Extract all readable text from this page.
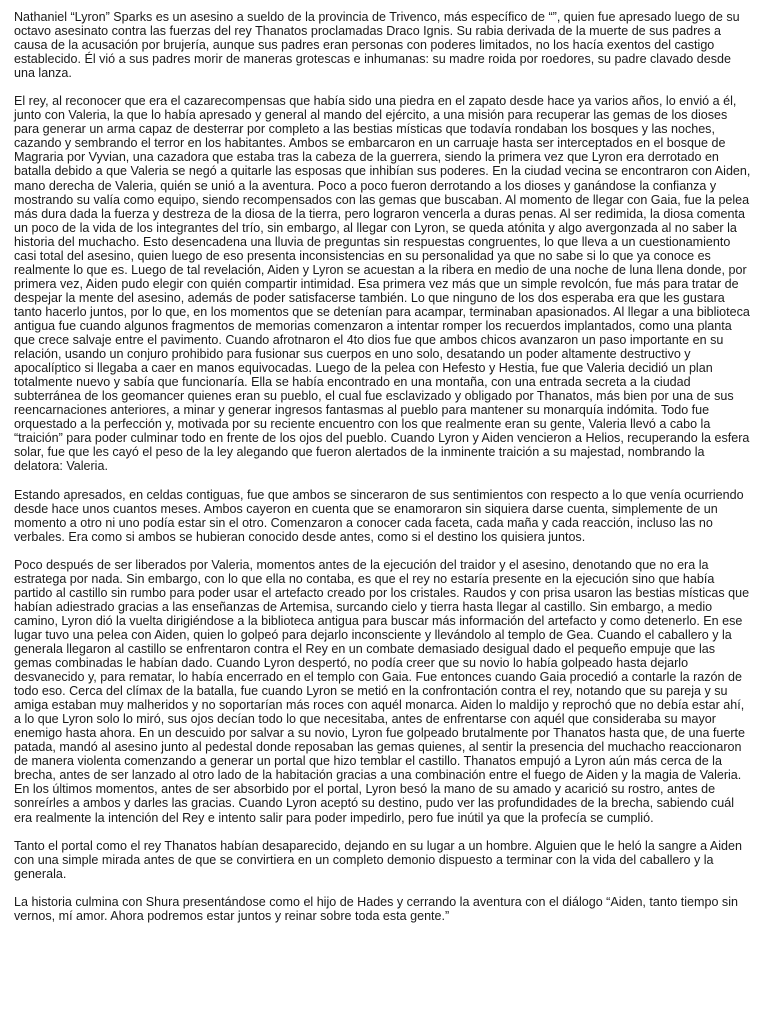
Nathaniel “Lyron” Sparks es un asesino a sueldo de la provincia de Trivenco, más específico de “”, quien fue apresado luego de su octavo asesinato contra las fuerzas del rey Thanatos proclamadas Draco Ignis. Su rabia derivada de la muerte de sus padres a causa de la acusación por brujería, aunque sus padres eran personas con poderes limitados, no los hacía exentos del castigo establecido. Él vió a sus padres morir de maneras grotescas e inhumanas: su madre roida por roedores, su padre clavado desde una lanza.

El rey, al reconocer que era el cazarecompensas que había sido una piedra en el zapato desde hace ya varios años, lo envió a él, junto con Valeria, la que lo había apresado y general al mando del ejército, a una misión para recuperar las gemas de los dioses para generar un arma capaz de desterrar por completo a las bestias místicas que todavía rondaban los bosques y las noches, cazando y sembrando el terror en los habitantes. Ambos se embarcaron en un carruaje hasta ser interceptados en el bosque de Magraria por Vyvian, una cazadora que estaba tras la cabeza de la guerrera, siendo la primera vez que Lyron era derrotado en batalla debido a que Valeria se negó a quitarle las esposas que inhibían sus poderes. En la ciudad vecina se encontraron con Aiden, mano derecha de Valeria, quién se unió a la aventura. Poco a poco fueron derrotando a los dioses y ganándose la confianza y mostrando su valía como equipo, siendo recompensados con las gemas que buscaban. Al momento de llegar con Gaia, fue la pelea más dura dada la fuerza y destreza de la diosa de la tierra, pero lograron vencerla a duras penas. Al ser redimida, la diosa comenta un poco de la vida de los integrantes del trío, sin embargo, al llegar con Lyron, se queda atónita y algo avergonzada al no saber la historia del muchacho. Esto desencadena una lluvia de preguntas sin respuestas congruentes, lo que lleva a un cuestionamiento casi total del asesino, quien luego de eso presenta inconsistencias en su personalidad ya que no sabe si lo que ya conoce es realmente lo que es. Luego de tal revelación, Aiden y Lyron se acuestan a la ribera en medio de una noche de luna llena donde, por primera vez, Aiden pudo elegir con quién compartir intimidad. Esa primera vez más que un simple revolcón, fue más para tratar de despejar la mente del asesino, además de poder satisfacerse también. Lo que ninguno de los dos esperaba era que les gustara tanto hacerlo juntos, por lo que, en los momentos que se detenían para acampar, terminaban apasionados. Al llegar a una biblioteca antigua fue cuando algunos fragmentos de memorias comenzaron a intentar romper los recuerdos implantados, como una planta que crece salvaje entre el pavimento. Cuando afrotnaron el 4to dios fue que ambos chicos avanzaron un paso importante en su relación, usando un conjuro prohibido para fusionar sus cuerpos en uno solo, desatando un poder altamente destructivo y apocalíptico si llegaba a caer en manos equivocadas. Luego de la pelea con Hefesto y Hestia, fue que Valeria decidió un plan totalmente nuevo y sabía que funcionaría. Ella se había encontrado en una montaña, con una entrada secreta a la ciudad subterránea de los geomancer quienes eran su pueblo, el cual fue esclavizado y obligado por Thanatos, más bien por una de sus reencarnaciones anteriores, a minar y generar ingresos fantasmas al pueblo para mantener su monarquía indómita. Todo fue orquestado a la perfección y, motivada por su reciente encuentro con los que realmente eran su gente, Valeria llevó a cabo la “traición” para poder culminar todo en frente de los ojos del pueblo. Cuando Lyron y Aiden vencieron a Helios, recuperando la esfera solar, fue que les cayó el peso de la ley alegando que fueron alertados de la inminente traición a su majestad, nombrando la delatora: Valeria.

Estando apresados, en celdas contiguas, fue que ambos se sinceraron de sus sentimientos con respecto a lo que venía ocurriendo desde hace unos cuantos meses. Ambos cayeron en cuenta que se enamoraron sin siquiera darse cuenta, simplemente de un momento a otro ni uno podía estar sin el otro. Comenzaron a conocer cada faceta, cada maña y cada reacción, incluso las no verbales. Era como si ambos se hubieran conocido desde antes, como si el destino los quisiera juntos.

Poco después de ser liberados por Valeria, momentos antes de la ejecución del traidor y el asesino, denotando que no era la estratega por nada. Sin embargo, con lo que ella no contaba, es que el rey no estaría presente en la ejecución sino que había partido al castillo sin rumbo para poder usar el artefacto creado por los cristales. Raudos y con prisa usaron las bestias místicas que habían adiestrado gracias a las enseñanzas de Artemisa, surcando cielo y tierra hasta llegar al castillo. Sin embargo, a medio camino, Lyron dió la vuelta dirigiéndose a la biblioteca antigua para buscar más información del artefacto y como detenerlo. En ese lugar tuvo una pelea con Aiden, quien lo golpeó para dejarlo inconsciente y llevándolo al templo de Gea. Cuando el caballero y la generala llegaron al castillo se enfrentaron contra el Rey en un combate demasiado desigual dado el pequeño empuje que las gemas combinadas le habían dado. Cuando Lyron despertó, no podía creer que su novio lo había golpeado hasta dejarlo desvanecido y, para rematar, lo había encerrado en el templo con Gaia. Fue entonces cuando Gaia procedió a contarle la razón de todo eso. Cerca del clímax de la batalla, fue cuando Lyron se metió en la confrontación contra el rey, notando que su pareja y su amiga estaban muy malheridos y no soportarían más roces con aquél monarca. Aiden lo maldijo y reprochó que no debía estar ahí, a lo que Lyron solo lo miró, sus ojos decían todo lo que necesitaba, antes de enfrentarse con aquél que consideraba su mayor enemigo hasta ahora. En un descuido por salvar a su novio, Lyron fue golpeado brutalmente por Thanatos hasta que, de una fuerte patada, mandó al asesino junto al pedestal donde reposaban las gemas quienes, al sentir la presencia del muchacho reaccionaron de manera violenta comenzando a generar un portal que hizo temblar el castillo. Thanatos empujó a Lyron aún más cerca de la brecha, antes de ser lanzado al otro lado de la habitación gracias a una combinación entre el fuego de Aiden y la magia de Valeria. En los últimos momentos, antes de ser absorbido por el portal, Lyron besó la mano de su amado y acarició su rostro, antes de sonreírles a ambos y darles las gracias. Cuando Lyron aceptó su destino, pudo ver las profundidades de la brecha, sabiendo cuál era realmente la intención del Rey e intento salir para poder impedirlo, pero fue inútil ya que la profecía se cumplió.

Tanto el portal como el rey Thanatos habían desaparecido, dejando en su lugar a un hombre. Alguien que le heló la sangre a Aiden con una simple mirada antes de que se convirtiera en un completo demonio dispuesto a terminar con la vida del caballero y la generala.

La historia culmina con Shura presentándose como el hijo de Hades y cerrando la aventura con el diálogo “Aiden, tanto tiempo sin vernos, mí amor. Ahora podremos estar juntos y reinar sobre toda esta gente.”
